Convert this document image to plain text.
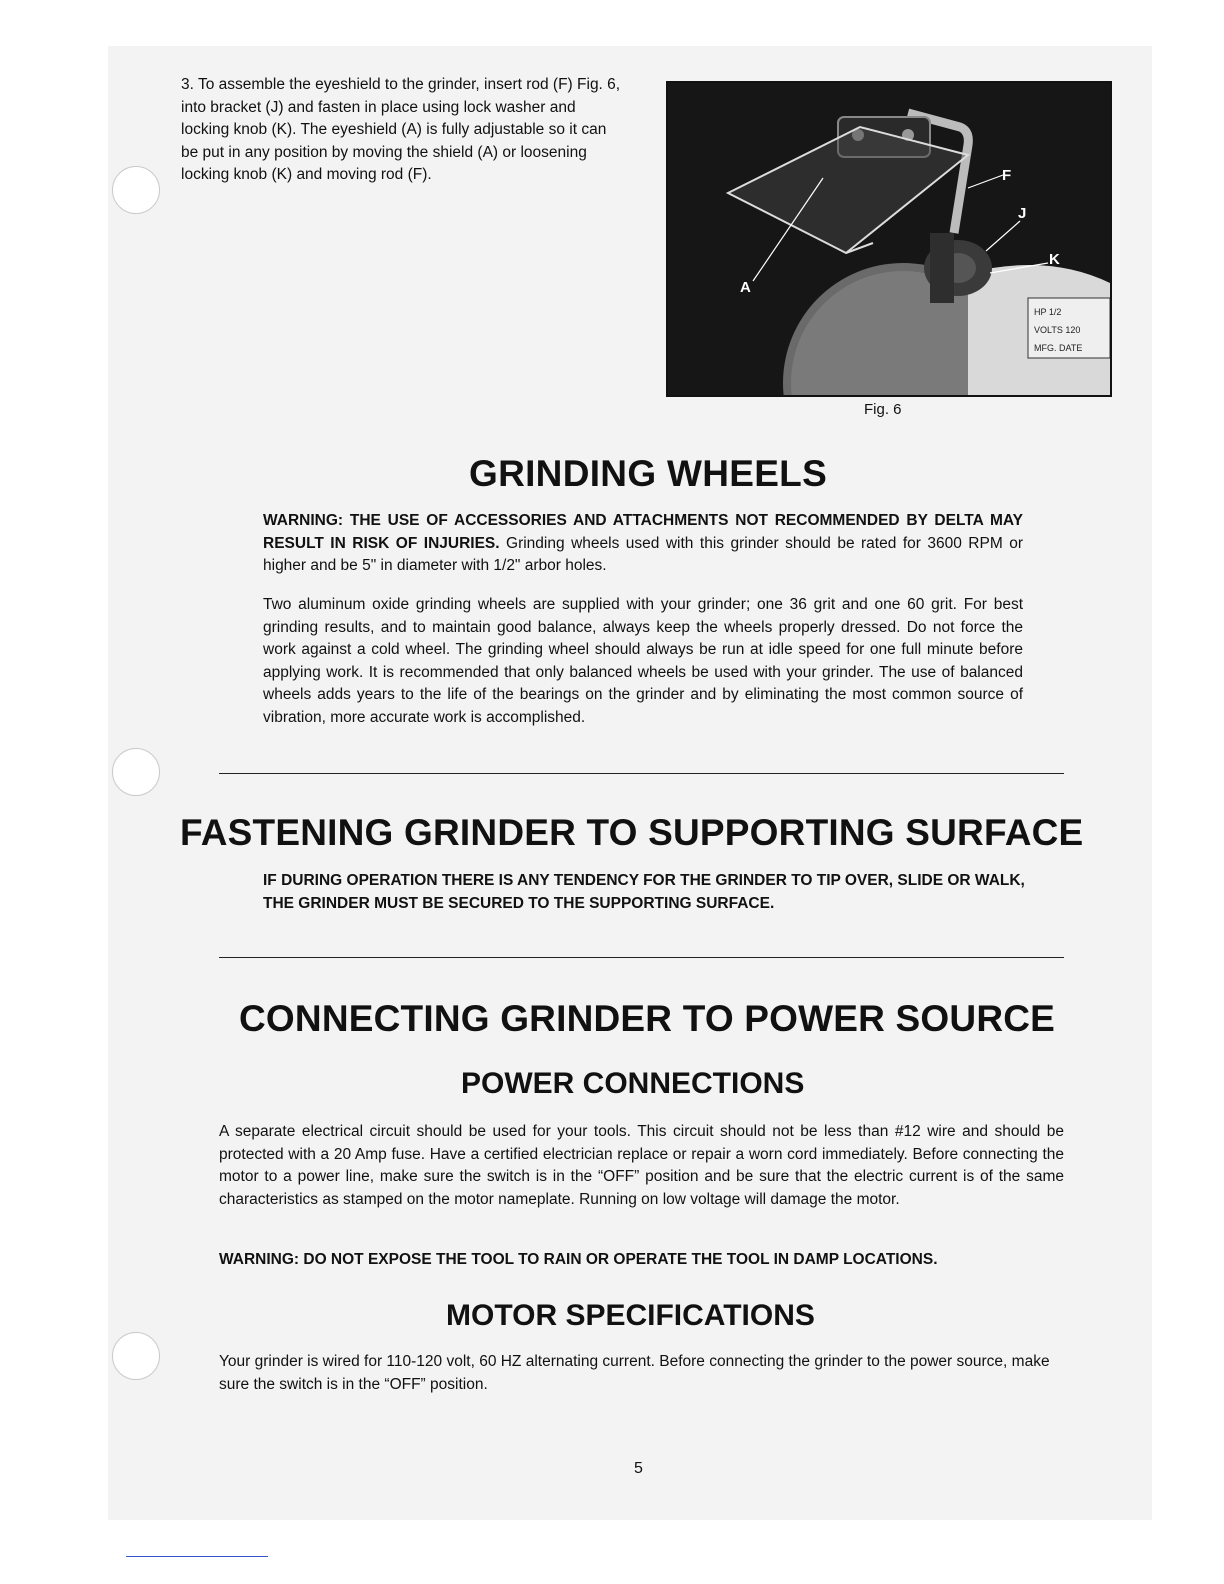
3. To assemble the eyeshield to the grinder, insert rod (F) Fig. 6, into bracket (J) and fasten in place using lock washer and locking knob (K). The eyeshield (A) is fully adjustable so it can be put in any position by moving the shield (A) or loosening locking knob (K) and moving rod (F).
HP 1/2
VOLTS 120
MFG. DATE
A
F
J
K
Fig. 6
GRINDING WHEELS
WARNING: THE USE OF ACCESSORIES AND ATTACHMENTS NOT RECOMMENDED BY DELTA MAY RESULT IN RISK OF INJURIES. Grinding wheels used with this grinder should be rated for 3600 RPM or higher and be 5" in diameter with 1/2" arbor holes.
Two aluminum oxide grinding wheels are supplied with your grinder; one 36 grit and one 60 grit. For best grinding results, and to maintain good balance, always keep the wheels properly dressed. Do not force the work against a cold wheel. The grinding wheel should always be run at idle speed for one full minute before applying work. It is recommended that only balanced wheels be used with your grinder. The use of balanced wheels adds years to the life of the bearings on the grinder and by eliminating the most common source of vibration, more accurate work is accomplished.
FASTENING GRINDER TO SUPPORTING SURFACE
IF DURING OPERATION THERE IS ANY TENDENCY FOR THE GRINDER TO TIP OVER, SLIDE OR WALK, THE GRINDER MUST BE SECURED TO THE SUPPORTING SURFACE.
CONNECTING GRINDER TO POWER SOURCE
POWER CONNECTIONS
A separate electrical circuit should be used for your tools. This circuit should not be less than #12 wire and should be protected with a 20 Amp fuse. Have a certified electrician replace or repair a worn cord immediately. Before connecting the motor to a power line, make sure the switch is in the “OFF” position and be sure that the electric current is of the same characteristics as stamped on the motor nameplate. Running on low voltage will damage the motor.
WARNING: DO NOT EXPOSE THE TOOL TO RAIN OR OPERATE THE TOOL IN DAMP LOCATIONS.
MOTOR SPECIFICATIONS
Your grinder is wired for 110-120 volt, 60 HZ alternating current. Before connecting the grinder to the power source, make sure the switch is in the “OFF” position.
5
